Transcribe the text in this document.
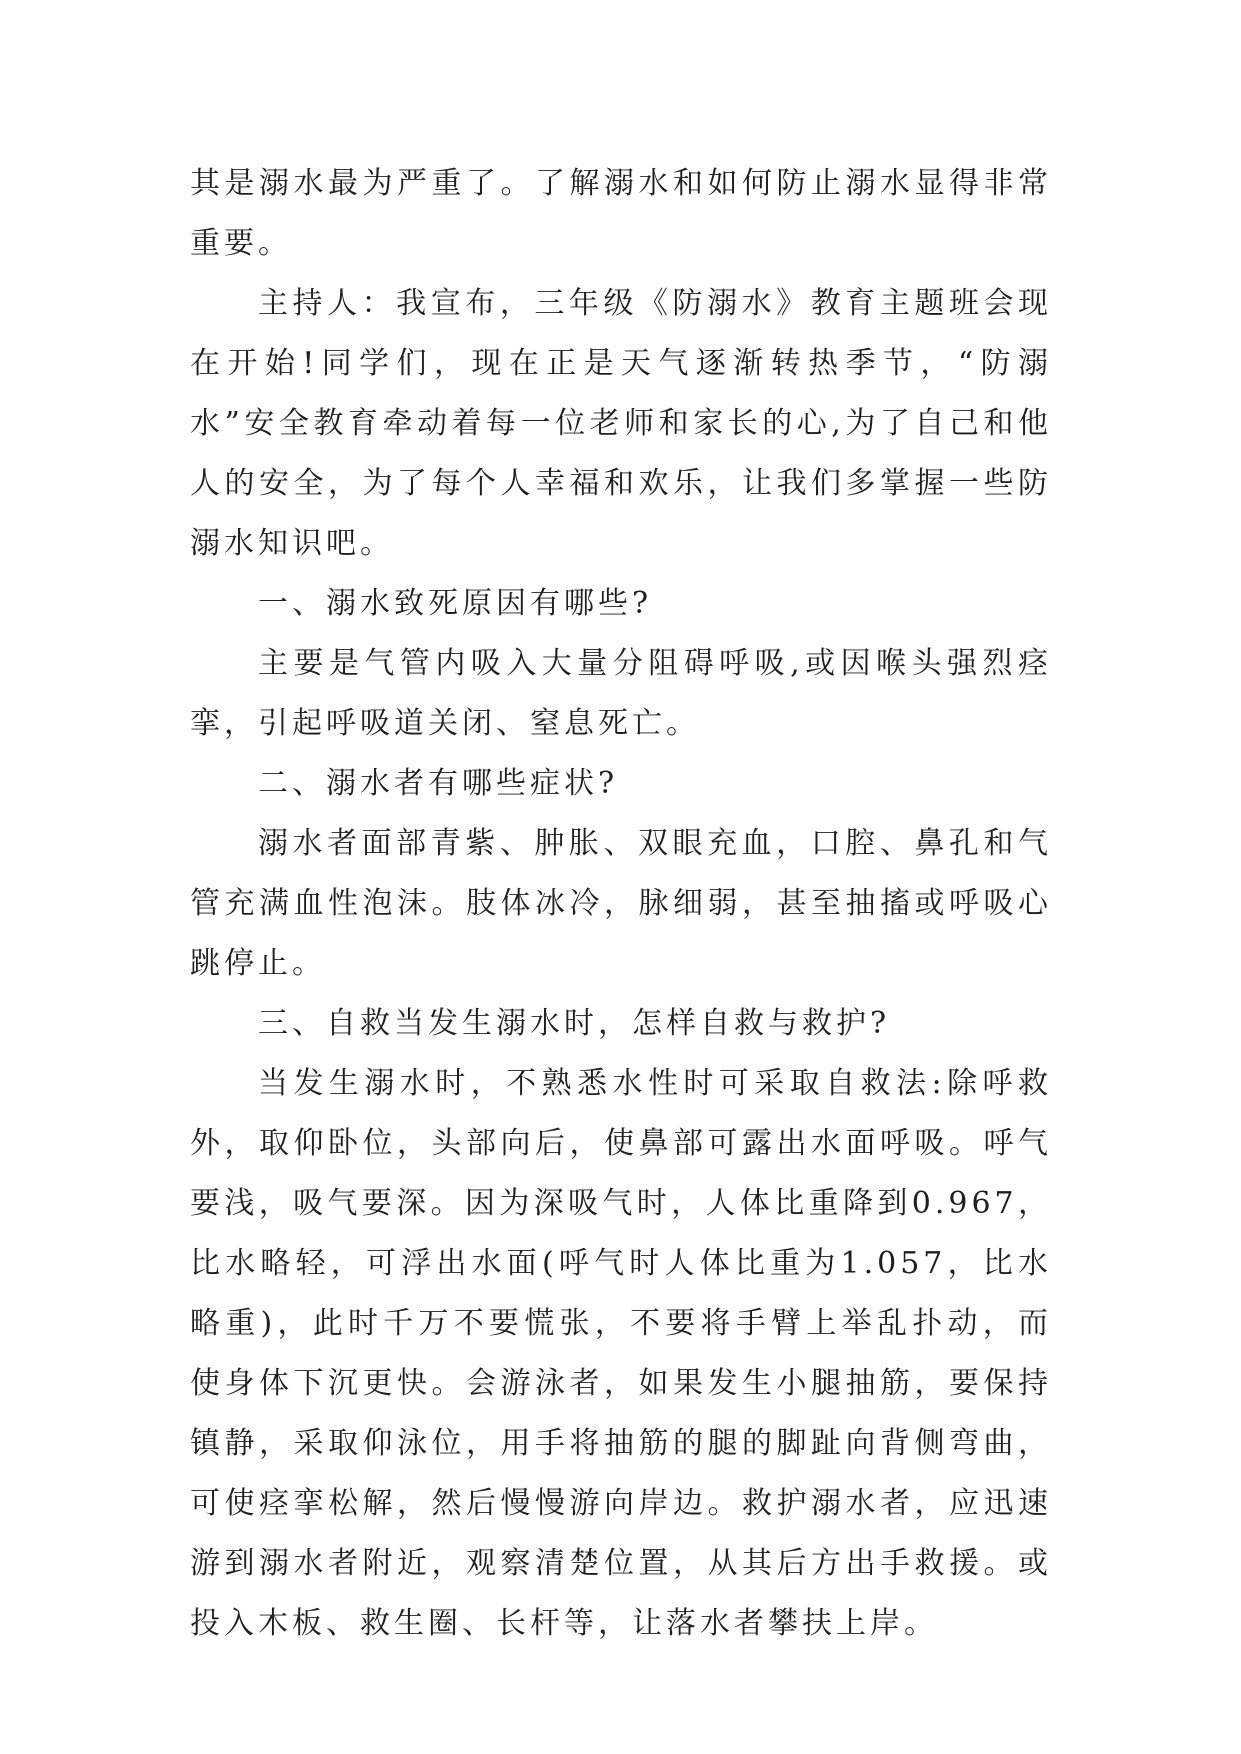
其是溺水最为严重了。了解溺水和如何防止溺水显得非常重要。

主持人：我宣布，三年级《防溺水》教育主题班会现在开始!同学们，现在正是天气逐渐转热季节，“防溺水”安全教育牵动着每一位老师和家长的心,为了自己和他人的安全，为了每个人幸福和欢乐，让我们多掌握一些防溺水知识吧。

一、溺水致死原因有哪些?

主要是气管内吸入大量分阻碍呼吸,或因喉头强烈痉挛，引起呼吸道关闭、窒息死亡。

二、溺水者有哪些症状?

溺水者面部青紫、肿胀、双眼充血，口腔、鼻孔和气管充满血性泡沫。肢体冰冷，脉细弱，甚至抽搐或呼吸心跳停止。

三、自救当发生溺水时，怎样自救与救护?

当发生溺水时，不熟悉水性时可采取自救法:除呼救外，取仰卧位，头部向后，使鼻部可露出水面呼吸。呼气要浅，吸气要深。因为深吸气时，人体比重降到0.967，比水略轻，可浮出水面(呼气时人体比重为1.057，比水略重)，此时千万不要慌张，不要将手臂上举乱扑动，而使身体下沉更快。会游泳者，如果发生小腿抽筋，要保持镇静，采取仰泳位，用手将抽筋的腿的脚趾向背侧弯曲，可使痉挛松解，然后慢慢游向岸边。救护溺水者，应迅速游到溺水者附近，观察清楚位置，从其后方出手救援。或投入木板、救生圈、长杆等，让落水者攀扶上岸。
